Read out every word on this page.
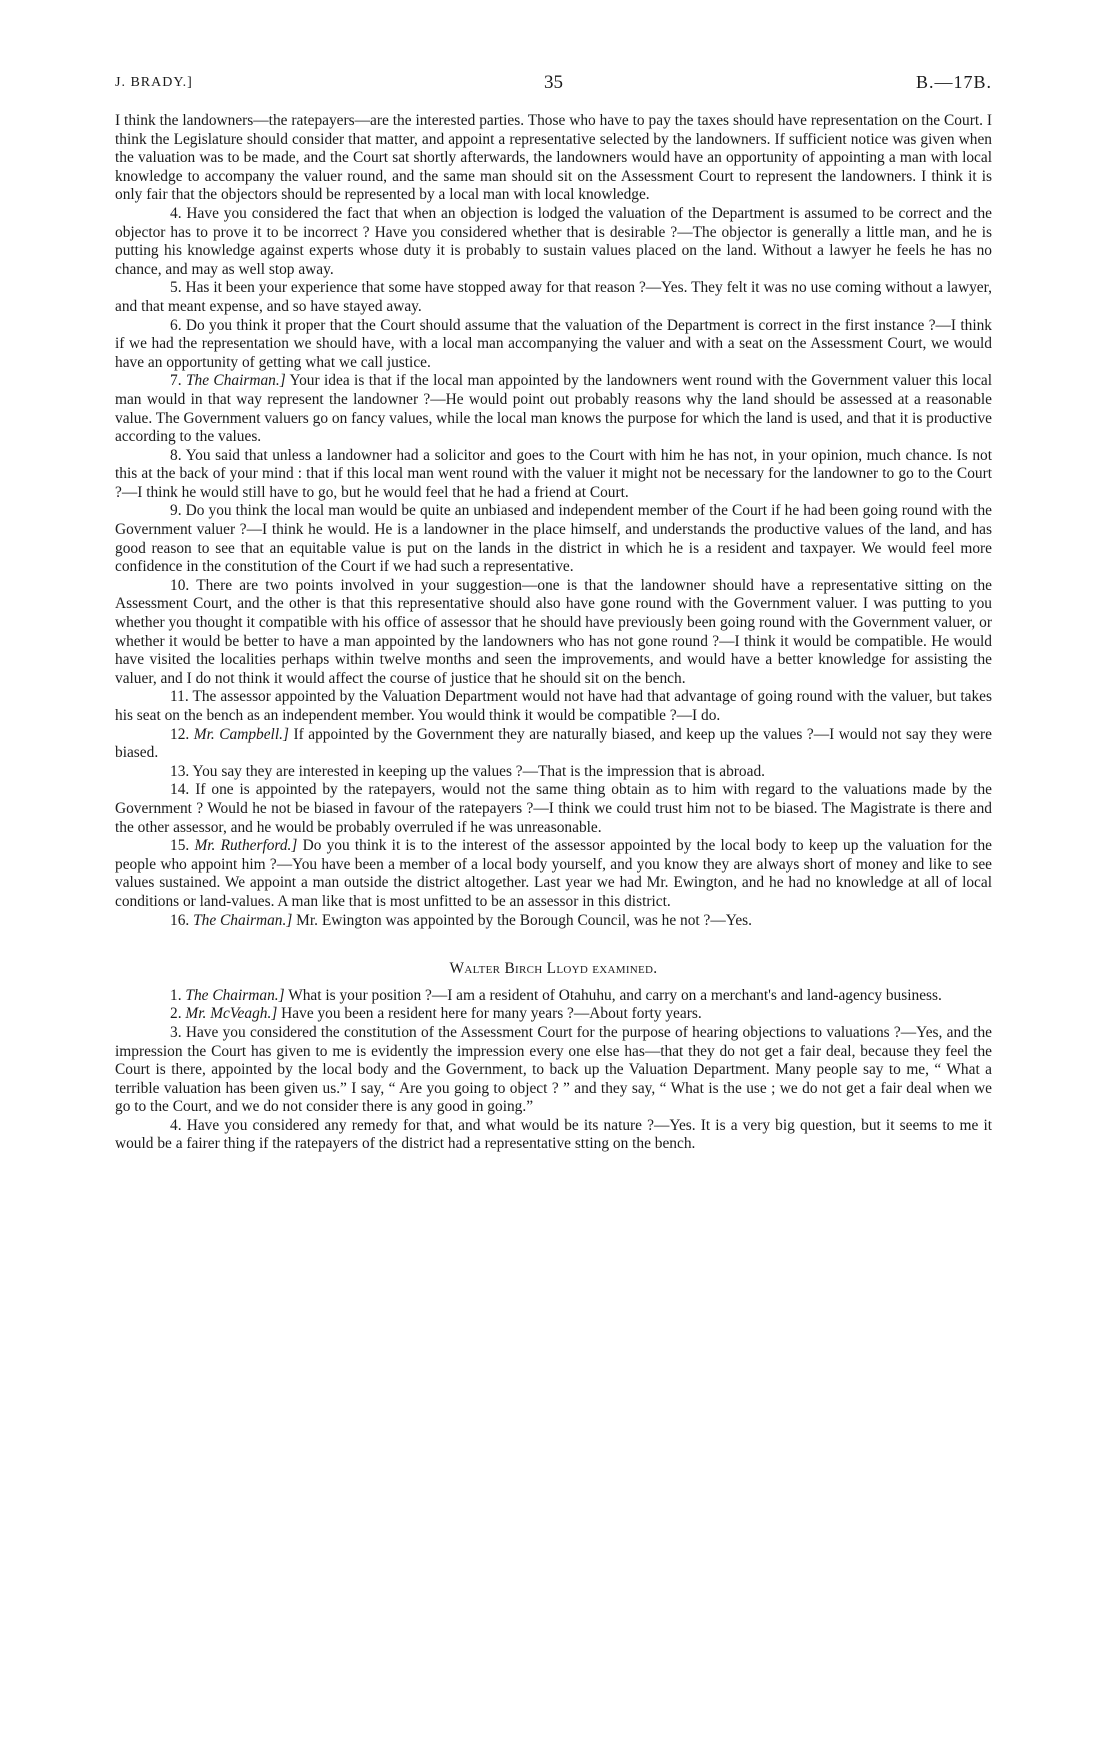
J. BRADY.]	35	B.—17B.

I think the landowners—the ratepayers—are the interested parties. Those who have to pay the taxes should have representation on the Court. I think the Legislature should consider that matter, and appoint a representative selected by the landowners. If sufficient notice was given when the valuation was to be made, and the Court sat shortly afterwards, the landowners would have an opportunity of appointing a man with local knowledge to accompany the valuer round, and the same man should sit on the Assessment Court to represent the landowners. I think it is only fair that the objectors should be represented by a local man with local knowledge.

4. Have you considered the fact that when an objection is lodged the valuation of the Department is assumed to be correct and the objector has to prove it to be incorrect ? Have you considered whether that is desirable ?—The objector is generally a little man, and he is putting his knowledge against experts whose duty it is probably to sustain values placed on the land. Without a lawyer he feels he has no chance, and may as well stop away.

5. Has it been your experience that some have stopped away for that reason ?—Yes. They felt it was no use coming without a lawyer, and that meant expense, and so have stayed away.

6. Do you think it proper that the Court should assume that the valuation of the Department is correct in the first instance ?—I think if we had the representation we should have, with a local man accompanying the valuer and with a seat on the Assessment Court, we would have an opportunity of getting what we call justice.

7. The Chairman.] Your idea is that if the local man appointed by the landowners went round with the Government valuer this local man would in that way represent the landowner ?—He would point out probably reasons why the land should be assessed at a reasonable value. The Government valuers go on fancy values, while the local man knows the purpose for which the land is used, and that it is productive according to the values.

8. You said that unless a landowner had a solicitor and goes to the Court with him he has not, in your opinion, much chance. Is not this at the back of your mind : that if this local man went round with the valuer it might not be necessary for the landowner to go to the Court ?—I think he would still have to go, but he would feel that he had a friend at Court.

9. Do you think the local man would be quite an unbiased and independent member of the Court if he had been going round with the Government valuer ?—I think he would. He is a landowner in the place himself, and understands the productive values of the land, and has good reason to see that an equitable value is put on the lands in the district in which he is a resident and taxpayer. We would feel more confidence in the constitution of the Court if we had such a representative.

10. There are two points involved in your suggestion—one is that the landowner should have a representative sitting on the Assessment Court, and the other is that this representative should also have gone round with the Government valuer. I was putting to you whether you thought it compatible with his office of assessor that he should have previously been going round with the Government valuer, or whether it would be better to have a man appointed by the landowners who has not gone round ?—I think it would be compatible. He would have visited the localities perhaps within twelve months and seen the improvements, and would have a better knowledge for assisting the valuer, and I do not think it would affect the course of justice that he should sit on the bench.

11. The assessor appointed by the Valuation Department would not have had that advantage of going round with the valuer, but takes his seat on the bench as an independent member. You would think it would be compatible ?—I do.

12. Mr. Campbell.] If appointed by the Government they are naturally biased, and keep up the values ?—I would not say they were biased.

13. You say they are interested in keeping up the values ?—That is the impression that is abroad.

14. If one is appointed by the ratepayers, would not the same thing obtain as to him with regard to the valuations made by the Government ? Would he not be biased in favour of the ratepayers ?—I think we could trust him not to be biased. The Magistrate is there and the other assessor, and he would be probably overruled if he was unreasonable.

15. Mr. Rutherford.] Do you think it is to the interest of the assessor appointed by the local body to keep up the valuation for the people who appoint him ?—You have been a member of a local body yourself, and you know they are always short of money and like to see values sustained. We appoint a man outside the district altogether. Last year we had Mr. Ewington, and he had no knowledge at all of local conditions or land-values. A man like that is most unfitted to be an assessor in this district.

16. The Chairman.] Mr. Ewington was appointed by the Borough Council, was he not ?—Yes.

Walter Birch Lloyd examined.

1. The Chairman.] What is your position ?—I am a resident of Otahuhu, and carry on a merchant's and land-agency business.

2. Mr. McVeagh.] Have you been a resident here for many years ?—About forty years.

3. Have you considered the constitution of the Assessment Court for the purpose of hearing objections to valuations ?—Yes, and the impression the Court has given to me is evidently the impression every one else has—that they do not get a fair deal, because they feel the Court is there, appointed by the local body and the Government, to back up the Valuation Department. Many people say to me, “ What a terrible valuation has been given us.” I say, “ Are you going to object ? ” and they say, “ What is the use ; we do not get a fair deal when we go to the Court, and we do not consider there is any good in going.”

4. Have you considered any remedy for that, and what would be its nature ?—Yes. It is a very big question, but it seems to me it would be a fairer thing if the ratepayers of the district had a representative stting on the bench.
